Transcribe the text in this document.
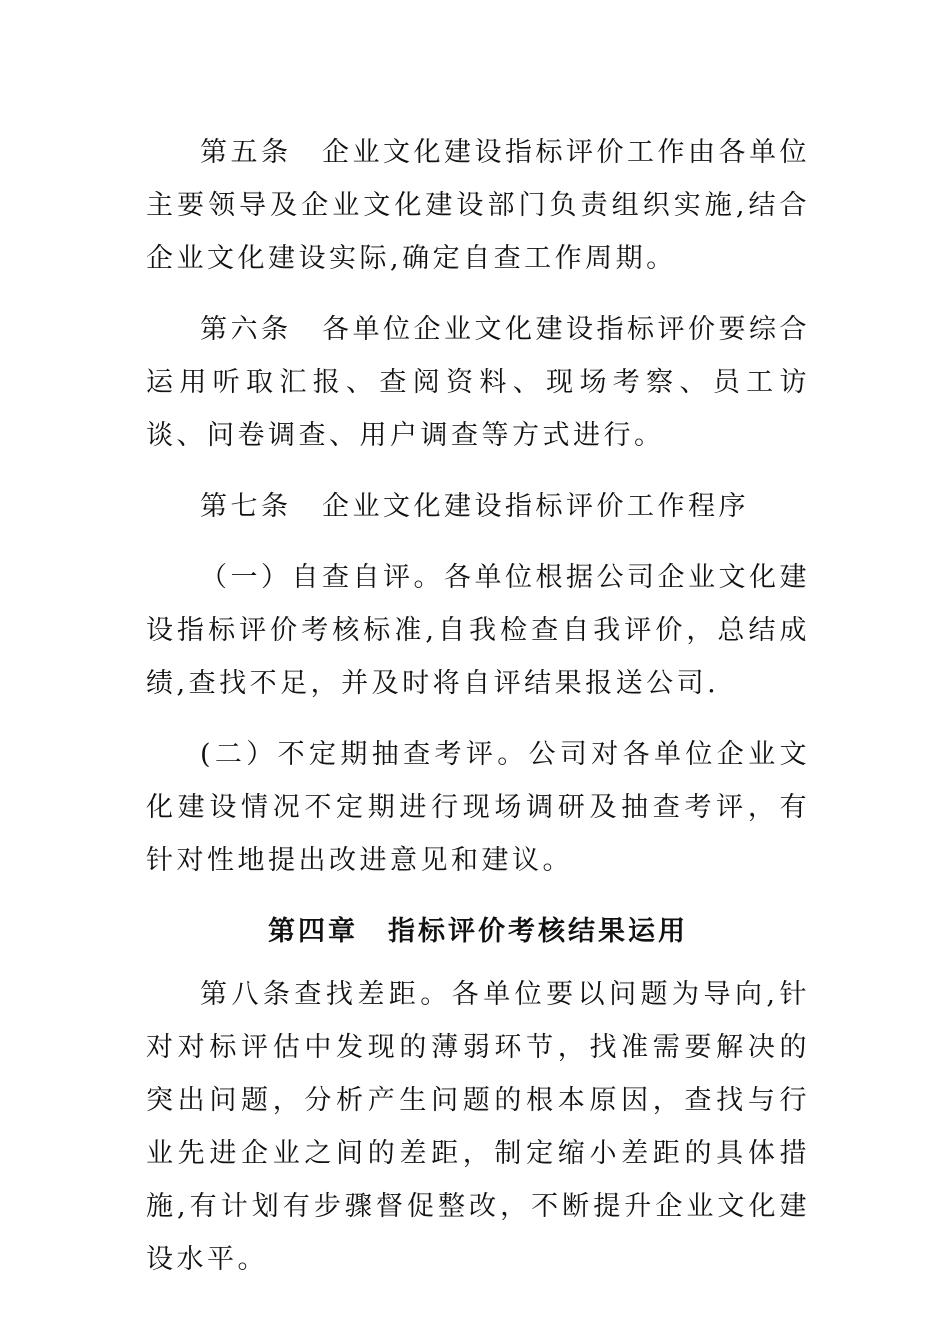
第五条　企业文化建设指标评价工作由各单位主要领导及企业文化建设部门负责组织实施,结合企业文化建设实际,确定自查工作周期。

第六条　各单位企业文化建设指标评价要综合运用听取汇报、查阅资料、现场考察、员工访谈、问卷调查、用户调查等方式进行。

第七条　企业文化建设指标评价工作程序

（一）自查自评。各单位根据公司企业文化建设指标评价考核标准,自我检查自我评价，总结成绩,查找不足，并及时将自评结果报送公司.

(二）不定期抽查考评。公司对各单位企业文化建设情况不定期进行现场调研及抽查考评，有针对性地提出改进意见和建议。

第四章　指标评价考核结果运用

第八条查找差距。各单位要以问题为导向,针对对标评估中发现的薄弱环节，找准需要解决的突出问题，分析产生问题的根本原因，查找与行业先进企业之间的差距，制定缩小差距的具体措施,有计划有步骤督促整改，不断提升企业文化建设水平。
